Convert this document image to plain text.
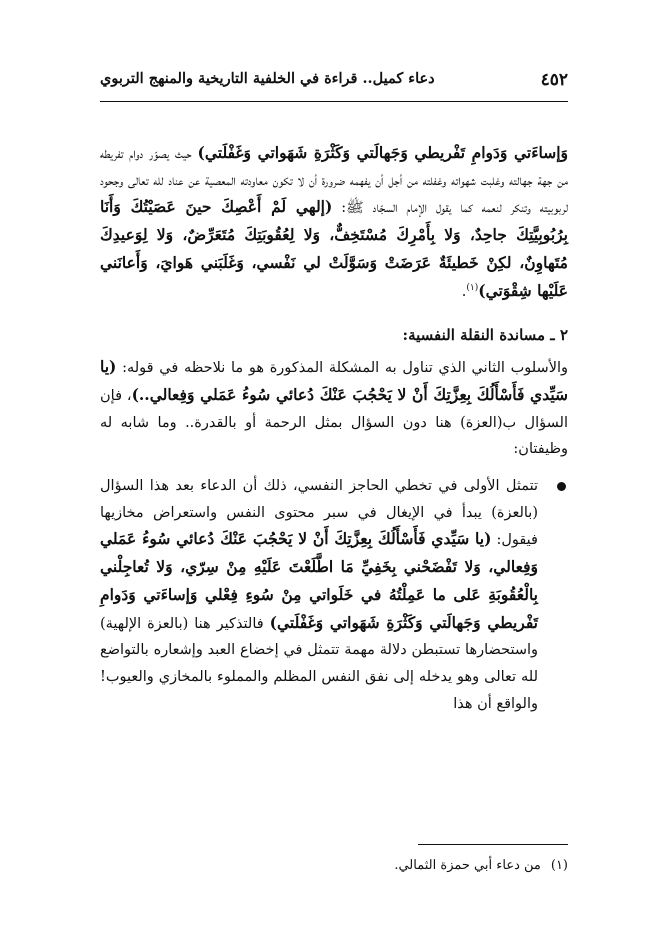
٤٥٢
دعاء كميل.. قراءة في الخلفية التاريخية والمنهج التربوي

وَإساءَتي وَدَوامِ تَفْريطي وَجَهالَتي وَكَثْرَةِ شَهَواتي وَغَفْلَتي) حيث يصوّر دوام تفريطه من جهة جهالته وغلبت شهواته وغفلته من أجل أن يفهمه ضرورة أن لا تكون معاودته المعصية عن عناد لله تعالى وجحود لربوبيته وتنكر لنعمه كما يقول الإمام السجّاد ﷺ: (إلهي لَمْ أَعْصِكَ حينَ عَصَيْتُكَ وَأَنَا بِرُبُوبِيَّتِكَ جاحِدٌ، وَلا بِأَمْرِكَ مُسْتَخِفٌّ، وَلا لِعُقُوبَتِكَ مُتَعَرِّضٌ، وَلا لِوَعيدِكَ مُتَهاوِنٌ، لكِنْ خَطيئَةٌ عَرَضَتْ وَسَوَّلَتْ لي نَفْسي، وَغَلَبَني هَوايَ، وَأَعانَني عَلَيْها شِقْوَتي)$^{(١)}$.

٢ ـ مساندة النقلة النفسية:

والأسلوب الثاني الذي تناول به المشكلة المذكورة هو ما نلاحظه في قوله: (يا سَيِّدي فَأَسْأَلُكَ بِعِزَّتِكَ أَنْ لا يَحْجُبَ عَنْكَ دُعائي سُوءُ عَمَلي وَفِعالي..)، فإن السؤال ب(العزة) هنا دون السؤال بمثل الرحمة أو بالقدرة.. وما شابه له وظيفتان:

تتمثل الأولى في تخطي الحاجز النفسي، ذلك أن الدعاء بعد هذا السؤال (بالعزة) يبدأ في الإيغال في سبر محتوى النفس واستعراض مخازيها فيقول: (يا سَيِّدي فَأَسْأَلُكَ بِعِزَّتِكَ أَنْ لا يَحْجُبَ عَنْكَ دُعائي سُوءُ عَمَلي وَفِعالي، وَلا تَفْضَحْني بِخَفِيِّ مَا اطَّلَعْتَ عَلَيْهِ مِنْ سِرّي، وَلا تُعاجِلْني بِالْعُقُوبَةِ عَلى ما عَمِلْتُهُ في خَلَواتي مِنْ سُوءِ فِعْلي وَإساءَتي وَدَوامِ تَفْريطي وَجَهالَتي وَكَثْرَةِ شَهَواتي وَغَفْلَتي) فالتذكير هنا (بالعزة الإلهية) واستحضارها تستبطن دلالة مهمة تتمثل في إخضاع العبد وإشعاره بالتواضع لله تعالى وهو يدخله إلى نفق النفس المظلم والمملوء بالمخازي والعيوب! والواقع أن هذا

(١)من دعاء أبي حمزة الثمالي.
